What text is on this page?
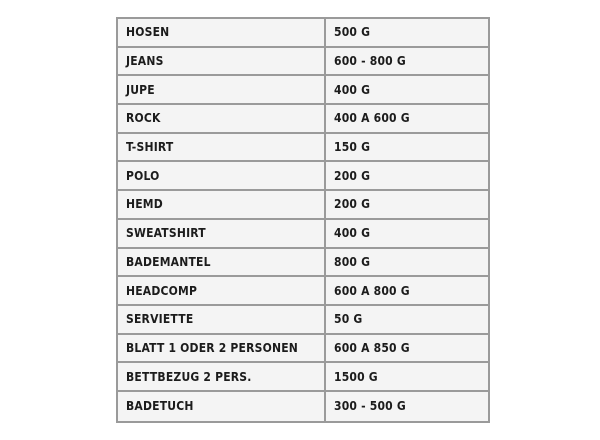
HOSEN	500 G
JEANS	600 - 800 G
JUPE	400 G
ROCK	400 A 600 G
T-SHIRT	150 G
POLO	200 G
HEMD	200 G
SWEATSHIRT	400 G
BADEMANTEL	800 G
HEADCOMP	600 A 800 G
SERVIETTE	50 G
BLATT 1 ODER 2 PERSONEN	600 A 850 G
BETTBEZUG 2 PERS.	1500 G
BADETUCH	300 - 500 G
